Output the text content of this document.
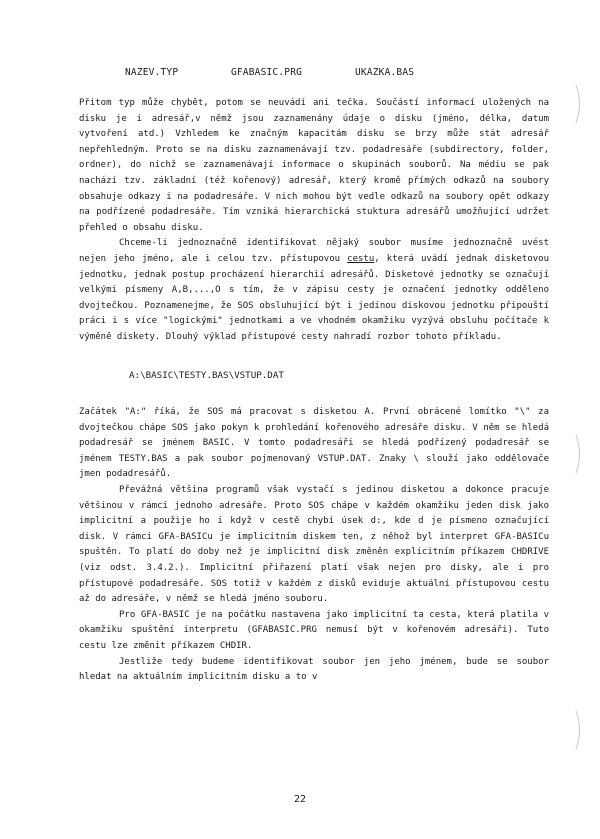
NAZEV.TYP	GFABASIC.PRG	UKAZKA.BAS

Přitom typ může chybět, potom se neuvádí ani tečka. Součástí informací uložených na disku je i adresář,v němž jsou zaznamenány údaje o disku (jméno, délka, datum vytvoření atd.) Vzhledem ke značným kapacitám disku se brzy může stát adresář nepřehledným. Proto se na disku zaznamenávají tzv. podadresáře (subdirectory, folder, ordner), do nichž se zaznamenávají informace o skupinách souborů. Na médiu se pak nachází tzv. základní (též kořenový) adresář, který kromě přímých odkazů na soubory obsahuje odkazy i na podadresáře. V nich mohou být vedle odkazů na soubory opět odkazy na podřízené podadresáře. Tím vzniká hierarchická stuktura adresářů umožňující udržet přehled o obsahu disku.

Chceme-li jednoznačně identifikovat nějaký soubor musíme jednoznačně uvést nejen jeho jméno, ale i celou tzv. přístupovou cestu, která uvádí jednak disketovou jednotku, jednak postup procházení hierarchií adresářů. Disketové jednotky se označují velkými písmeny A,B,...,O s tím, že v zápisu cesty je označení jednotky odděleno dvojtečkou. Poznamenejme, že SOS obsluhující být i jedinou diskovou jednotku připouští práci i s více "logickými" jednotkami a ve vhodném okamžiku vyzývá obsluhu počítače k výměně diskety. Dlouhý výklad přístupové cesty nahradí rozbor tohoto příkladu.

A:\BASIC\TESTY.BAS\VSTUP.DAT

Začátek "A:" říká, že SOS má pracovat s disketou A. První obrácené lomítko "\" za dvojtečkou chápe SOS jako pokyn k prohledání kořenového adresáře disku. V něm se hledá podadresář se jménem BASIC. V tomto podadresáři se hledá podřízený podadresář se jménem TESTY.BAS a pak soubor pojmenovaný VSTUP.DAT. Znaky \ slouží jako oddělovače jmen podadresářů.

Převážná většina programů však vystačí s jedinou disketou a dokonce pracuje většinou v rámci jednoho adresáře. Proto SOS chápe v každém okamžiku jeden disk jako implicitní a použije ho i když v cestě chybí úsek d:, kde d je písmeno označující disk. V rámci GFA-BASICu je implicitním diskem ten, z něhož byl interpret GFA-BASICu spuštěn. To platí do doby než je implicitní disk změněn explicitním příkazem CHDRIVE (viz odst. 3.4.2.). Implicitní přiřazení platí však nejen pro disky, ale i pro přístupové podadresáře. SOS totiž v každém z disků eviduje aktuální přístupovou cestu až do adresáře, v němž se hledá jméno souboru.

Pro GFA-BASIC je na počátku nastavena jako implicitní ta cesta, která platila v okamžiku spuštění interpretu (GFABASIC.PRG nemusí být v kořenovém adresáři). Tuto cestu lze změnit příkazem CHDIR.

Jestliže tedy budeme identifikovat soubor jen jeho jménem, bude se soubor hledat na aktuálním implicitním disku a to v

22
